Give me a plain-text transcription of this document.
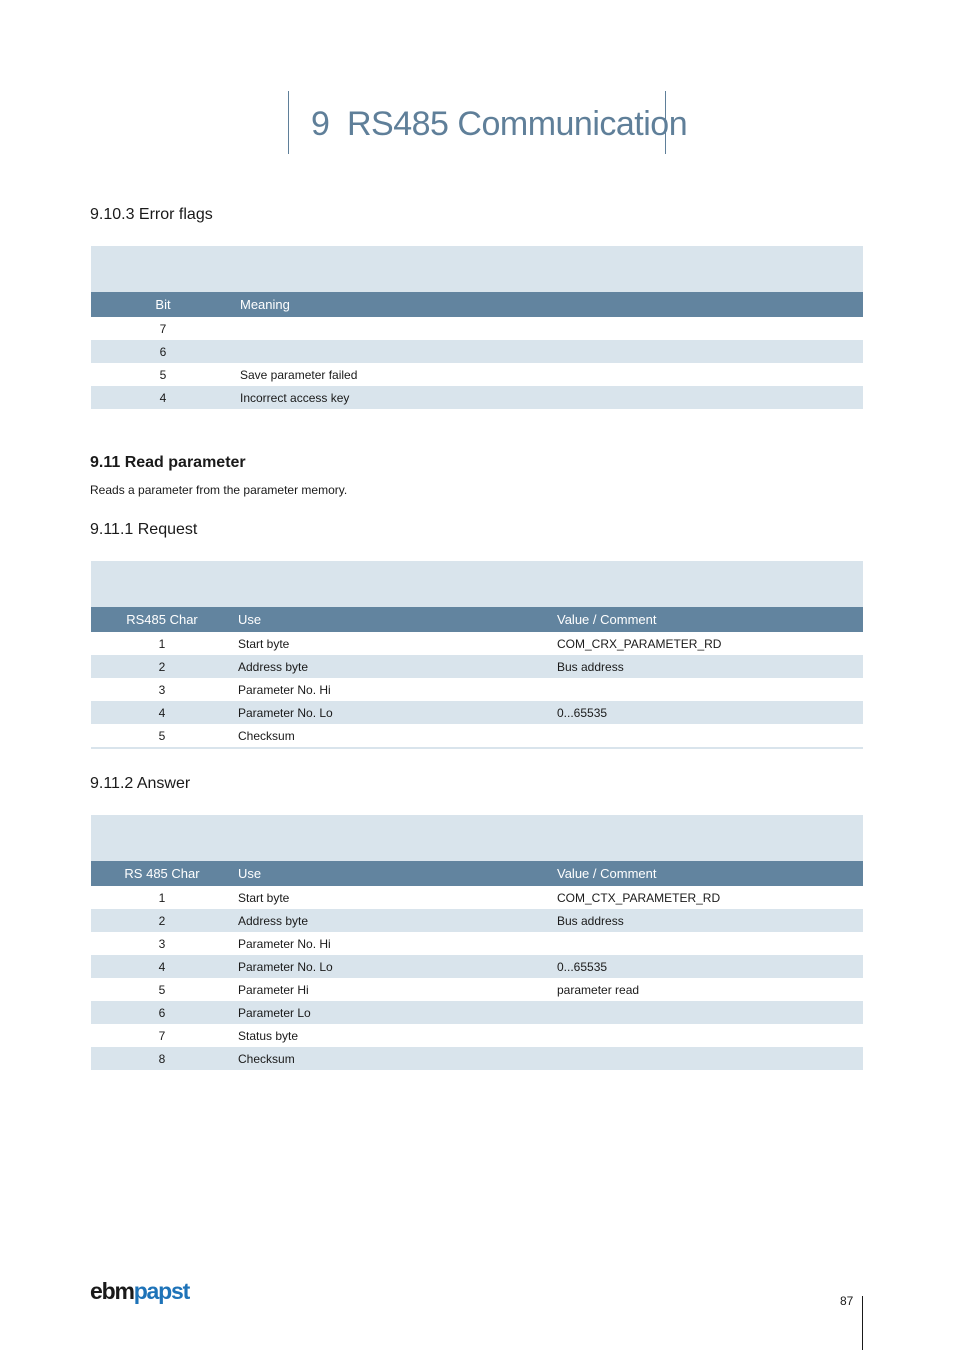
9 RS485 Communication
9.10.3 Error flags
Bit	Meaning
7
6
5	Save parameter failed
4	Incorrect access key
9.11 Read parameter
Reads a parameter from the parameter memory.
9.11.1 Request
RS485 Char	Use	Value / Comment
1	Start byte	COM_CRX_PARAMETER_RD
2	Address byte	Bus address
3	Parameter No. Hi
4	Parameter No. Lo	0...65535
5	Checksum
9.11.2 Answer
RS 485 Char	Use	Value / Comment
1	Start byte	COM_CTX_PARAMETER_RD
2	Address byte	Bus address
3	Parameter No. Hi
4	Parameter No. Lo	0...65535
5	Parameter Hi	parameter read
6	Parameter Lo
7	Status byte
8	Checksum
ebmpapst	87
